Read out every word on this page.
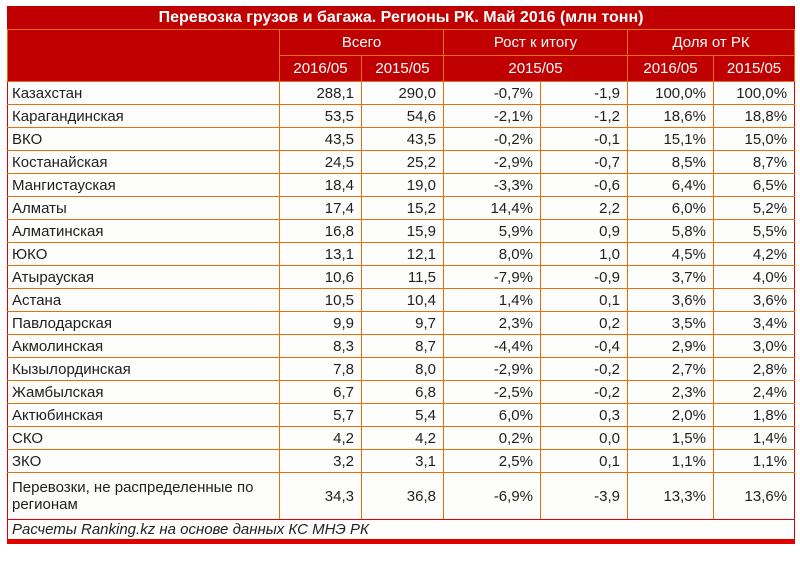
Перевозка грузов и багажа. Регионы РК. Май 2016 (млн тонн)						
	Всего		Рост к итогу		Доля от РК	
	2016/05	2015/05	2015/05		2016/05	2015/05
Казахстан	288,1	290,0	-0,7%	-1,9	100,0%	100,0%
Карагандинская	53,5	54,6	-2,1%	-1,2	18,6%	18,8%
ВКО	43,5	43,5	-0,2%	-0,1	15,1%	15,0%
Костанайская	24,5	25,2	-2,9%	-0,7	8,5%	8,7%
Мангистауская	18,4	19,0	-3,3%	-0,6	6,4%	6,5%
Алматы	17,4	15,2	14,4%	2,2	6,0%	5,2%
Алматинская	16,8	15,9	5,9%	0,9	5,8%	5,5%
ЮКО	13,1	12,1	8,0%	1,0	4,5%	4,2%
Атырауская	10,6	11,5	-7,9%	-0,9	3,7%	4,0%
Астана	10,5	10,4	1,4%	0,1	3,6%	3,6%
Павлодарская	9,9	9,7	2,3%	0,2	3,5%	3,4%
Акмолинская	8,3	8,7	-4,4%	-0,4	2,9%	3,0%
Кызылординская	7,8	8,0	-2,9%	-0,2	2,7%	2,8%
Жамбылская	6,7	6,8	-2,5%	-0,2	2,3%	2,4%
Актюбинская	5,7	5,4	6,0%	0,3	2,0%	1,8%
СКО	4,2	4,2	0,2%	0,0	1,5%	1,4%
ЗКО	3,2	3,1	2,5%	0,1	1,1%	1,1%
Перевозки, не распределенные по регионам	34,3	36,8	-6,9%	-3,9	13,3%	13,6%
Расчеты Ranking.kz на основе данных КС МНЭ РК						
